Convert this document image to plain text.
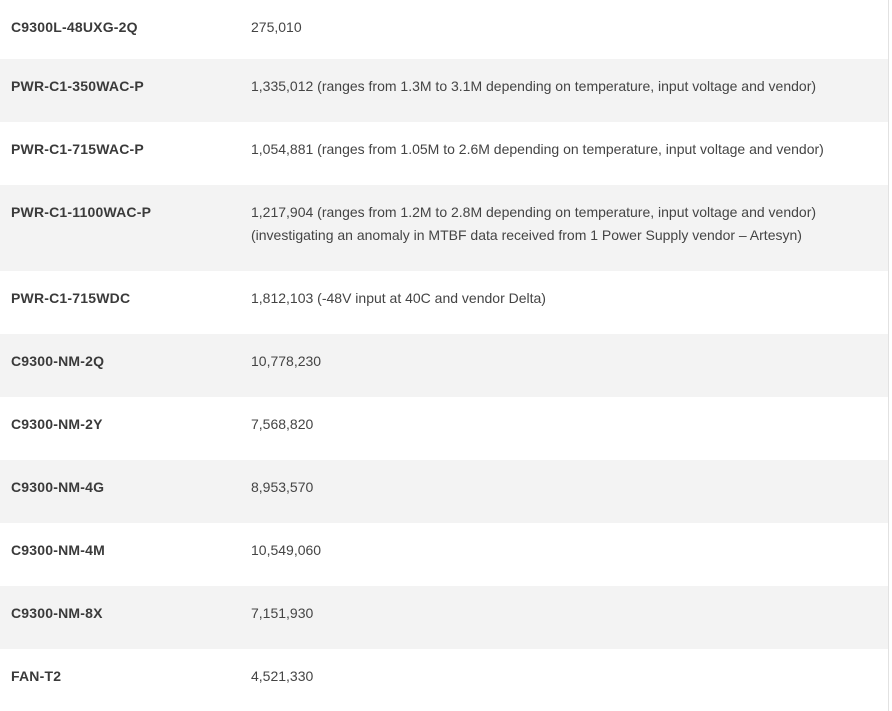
C9300L-48UXG-2Q	275,010
PWR-C1-350WAC-P	1,335,012 (ranges from 1.3M to 3.1M depending on temperature, input voltage and vendor)
PWR-C1-715WAC-P	1,054,881 (ranges from 1.05M to 2.6M depending on temperature, input voltage and vendor)
PWR-C1-1100WAC-P	1,217,904 (ranges from 1.2M to 2.8M depending on temperature, input voltage and vendor)
(investigating an anomaly in MTBF data received from 1 Power Supply vendor – Artesyn)
PWR-C1-715WDC	1,812,103 (-48V input at 40C and vendor Delta)
C9300-NM-2Q	10,778,230
C9300-NM-2Y	7,568,820
C9300-NM-4G	8,953,570
C9300-NM-4M	10,549,060
C9300-NM-8X	7,151,930
FAN-T2	4,521,330
